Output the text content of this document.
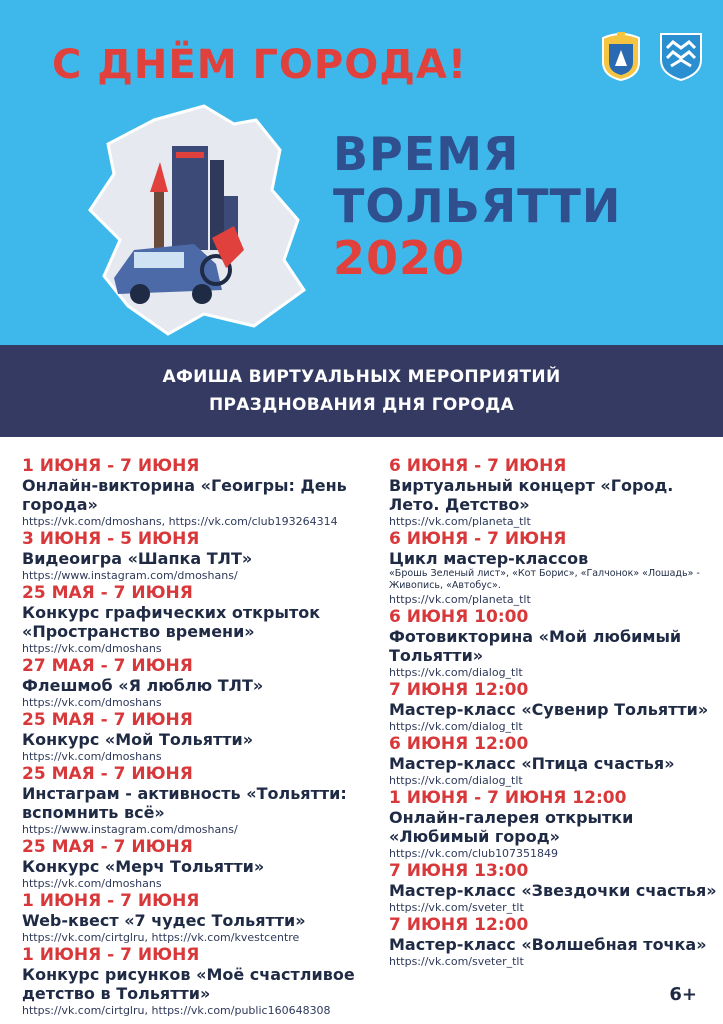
С ДНЁМ ГОРОДА!
ВРЕМЯ
ТОЛЬЯТТИ
2020
АФИША ВИРТУАЛЬНЫХ МЕРОПРИЯТИЙ
ПРАЗДНОВАНИЯ ДНЯ ГОРОДА
1 ИЮНЯ - 7 ИЮНЯ
Онлайн-викторина «Геоигры: День города»
https://vk.com/dmoshans, https://vk.com/club193264314
3 ИЮНЯ - 5 ИЮНЯ
Видеоигра «Шапка ТЛТ»
https://www.instagram.com/dmoshans/
25 МАЯ - 7 ИЮНЯ
Конкурс графических открыток «Пространство времени»
https://vk.com/dmoshans
27 МАЯ - 7 ИЮНЯ
Флешмоб «Я люблю ТЛТ»
https://vk.com/dmoshans
25 МАЯ - 7 ИЮНЯ
Конкурс «Мой Тольятти»
https://vk.com/dmoshans
25 МАЯ - 7 ИЮНЯ
Инстаграм - активность «Тольятти: вспомнить всё»
https://www.instagram.com/dmoshans/
25 МАЯ - 7 ИЮНЯ
Конкурс «Мерч Тольятти»
https://vk.com/dmoshans
1 ИЮНЯ - 7 ИЮНЯ
Web-квест «7 чудес Тольятти»
https://vk.com/cirtglru, https://vk.com/kvestcentre
1 ИЮНЯ - 7 ИЮНЯ
Конкурс рисунков «Моё счастливое детство в Тольятти»
https://vk.com/cirtglru, https://vk.com/public160648308
6 ИЮНЯ - 7 ИЮНЯ
Виртуальный концерт «Город. Лето. Детство»
https://vk.com/planeta_tlt
6 ИЮНЯ - 7 ИЮНЯ
Цикл мастер-классов
«Брошь Зеленый лист», «Кот Борис», «Галчонок» «Лошадь» - Живопись, «Автобус».
https://vk.com/planeta_tlt
6 ИЮНЯ 10:00
Фотовикторина «Мой любимый Тольятти»
https://vk.com/dialog_tlt
7 ИЮНЯ 12:00
Мастер-класс «Сувенир Тольятти»
https://vk.com/dialog_tlt
6 ИЮНЯ 12:00
Мастер-класс «Птица счастья»
https://vk.com/dialog_tlt
1 ИЮНЯ - 7 ИЮНЯ 12:00
Онлайн-галерея открытки «Любимый город»
https://vk.com/club107351849
7 ИЮНЯ 13:00
Мастер-класс «Звездочки счастья»
https://vk.com/sveter_tlt
7 ИЮНЯ 12:00
Мастер-класс «Волшебная точка»
https://vk.com/sveter_tlt
6+
